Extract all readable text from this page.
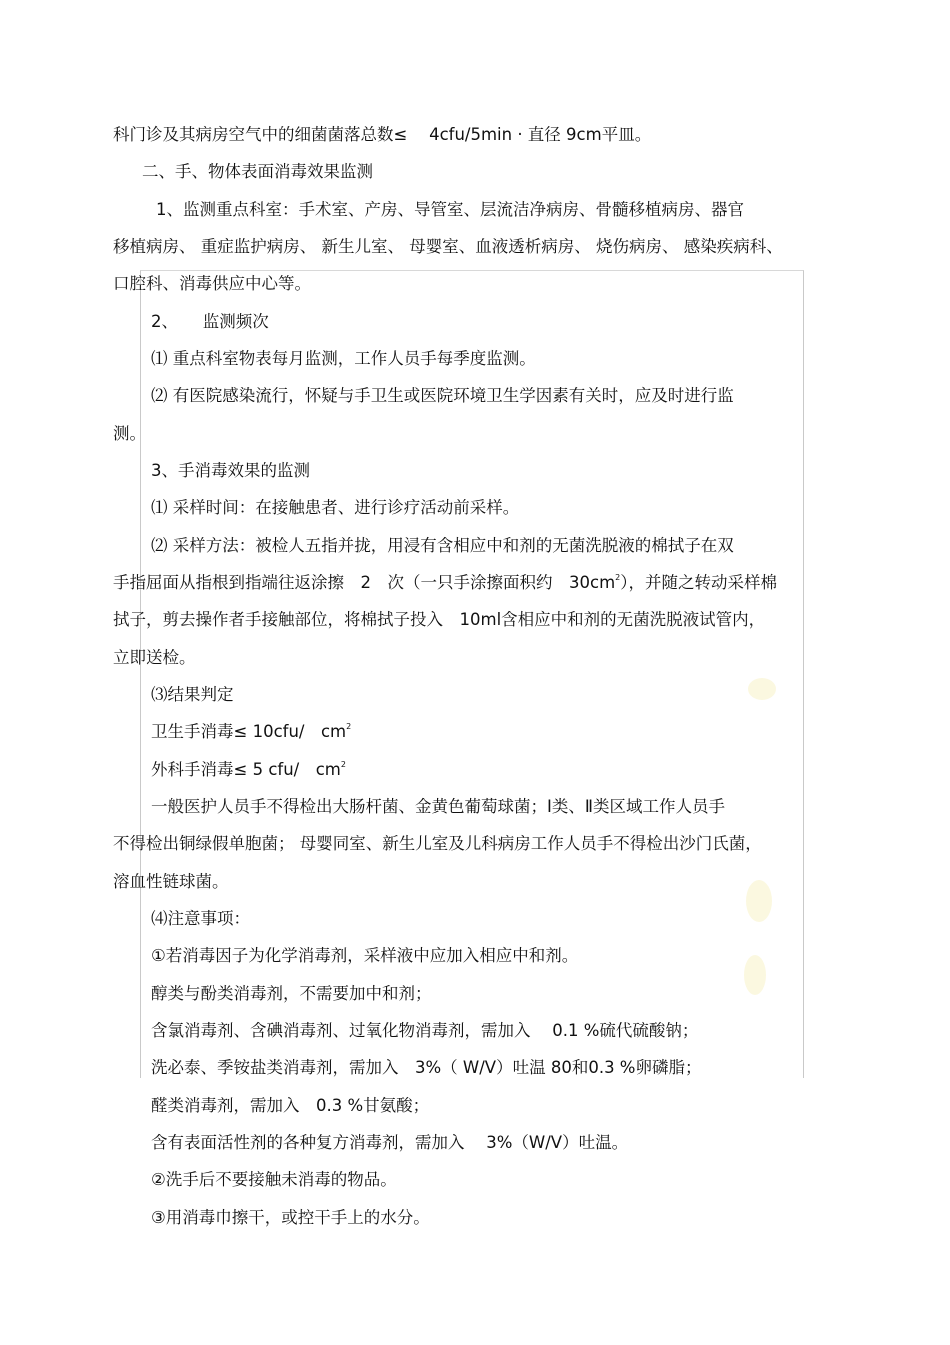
科门诊及其病房空气中的细菌菌落总数≤　 4cfu/5min · 直径 9cm平皿。
二、手、物体表面消毒效果监测
1、监测重点科室：手术室、产房、导管室、层流洁净病房、骨髓移植病房、器官
移植病房、 重症监护病房、 新生儿室、 母婴室、血液透析病房、 烧伤病房、 感染疾病科、
口腔科、消毒供应中心等。
2、　　监测频次
⑴ 重点科室物表每月监测，工作人员手每季度监测。
⑵ 有医院感染流行，怀疑与手卫生或医院环境卫生学因素有关时，应及时进行监
测。
3、手消毒效果的监测
⑴ 采样时间：在接触患者、进行诊疗活动前采样。
⑵ 采样方法：被检人五指并拢，用浸有含相应中和剂的无菌洗脱液的棉拭子在双
手指屈面从指根到指端往返涂擦　2　次（一只手涂擦面积约　$30cm^2$），并随之转动采样棉
拭子，剪去操作者手接触部位，将棉拭子投入　10ml含相应中和剂的无菌洗脱液试管内，
立即送检。
⑶结果判定
卫生手消毒≤ 10cfu/　$cm^2$
外科手消毒≤ 5 cfu/　$cm^2$
一般医护人员手不得检出大肠杆菌、金黄色葡萄球菌；Ⅰ类、Ⅱ类区域工作人员手
不得检出铜绿假单胞菌； 母婴同室、新生儿室及儿科病房工作人员手不得检出沙门氏菌，
溶血性链球菌。
⑷注意事项：
①若消毒因子为化学消毒剂，采样液中应加入相应中和剂。
醇类与酚类消毒剂，不需要加中和剂；
含氯消毒剂、含碘消毒剂、过氧化物消毒剂，需加入　 0.1 %硫代硫酸钠；
洗必泰、季铵盐类消毒剂，需加入　3%（ W/V）吐温 80和0.3 %卵磷脂；
醛类消毒剂，需加入　0.3 %甘氨酸；
含有表面活性剂的各种复方消毒剂，需加入　 3%（W/V）吐温。
②洗手后不要接触未消毒的物品。
③用消毒巾擦干，或控干手上的水分。
